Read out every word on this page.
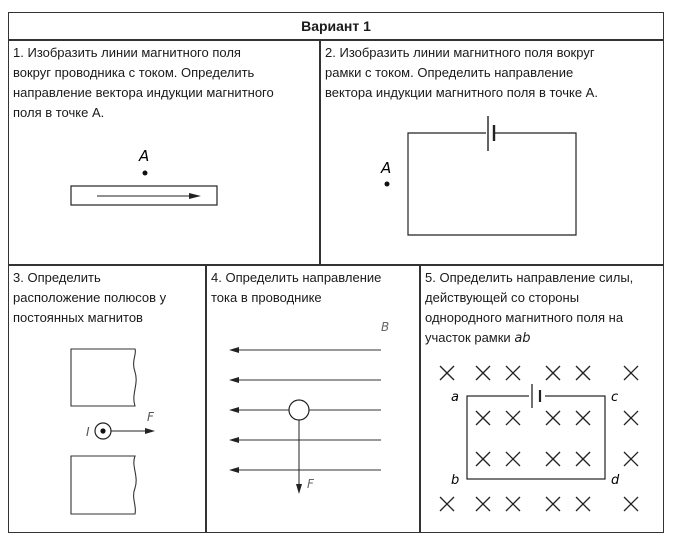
Вариант 1
1. Изобразить линии магнитного поля
вокруг проводника с током. Определить
направление вектора индукции магнитного
поля в точке А.
А
2. Изобразить линии магнитного поля вокруг
рамки с током. Определить направление
вектора индукции магнитного поля в точке А.
А
3. Определить
расположение полюсов у
постоянных магнитов
I
F
4. Определить направление
тока в проводнике
B
F
5. Определить направление силы,
действующей со стороны
однородного магнитного поля на
участок рамки ab
a
b
c
d
